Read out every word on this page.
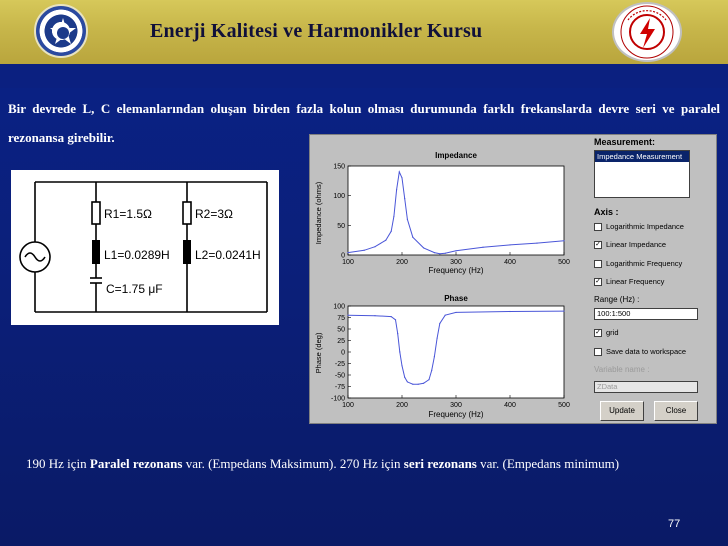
Enerji Kalitesi ve Harmonikler Kursu
Bir devrede L, C elemanlarından oluşan birden fazla kolun olması durumunda farklı frekanslarda devre seri ve paralel rezonansa girebilir.
R1=1.5Ω	R2=3Ω
L1=0.0289H L2=0.0241H
C=1.75 μF
Impedance
Frequency (Hz)
Impedance (ohms)
150
100
50
0
100	200	300	400	500
Phase
Frequency (Hz)
Phase (deg)
100
75
50
25
0
-25
-50
-75
-100
100	200	300	400	500
Measurement:
Impedance Measurement
Axis :
Logarithmic Impedance
✓ Linear Impedance
Logarithmic Frequency
✓ Linear Frequency
Range (Hz) :
100:1:500
✓ grid
Save data to workspace
Variable name :
ZData
Update	Close
190 Hz için Paralel rezonans var. (Empedans Maksimum). 270 Hz için seri rezonans var. (Empedans minimum)
77
